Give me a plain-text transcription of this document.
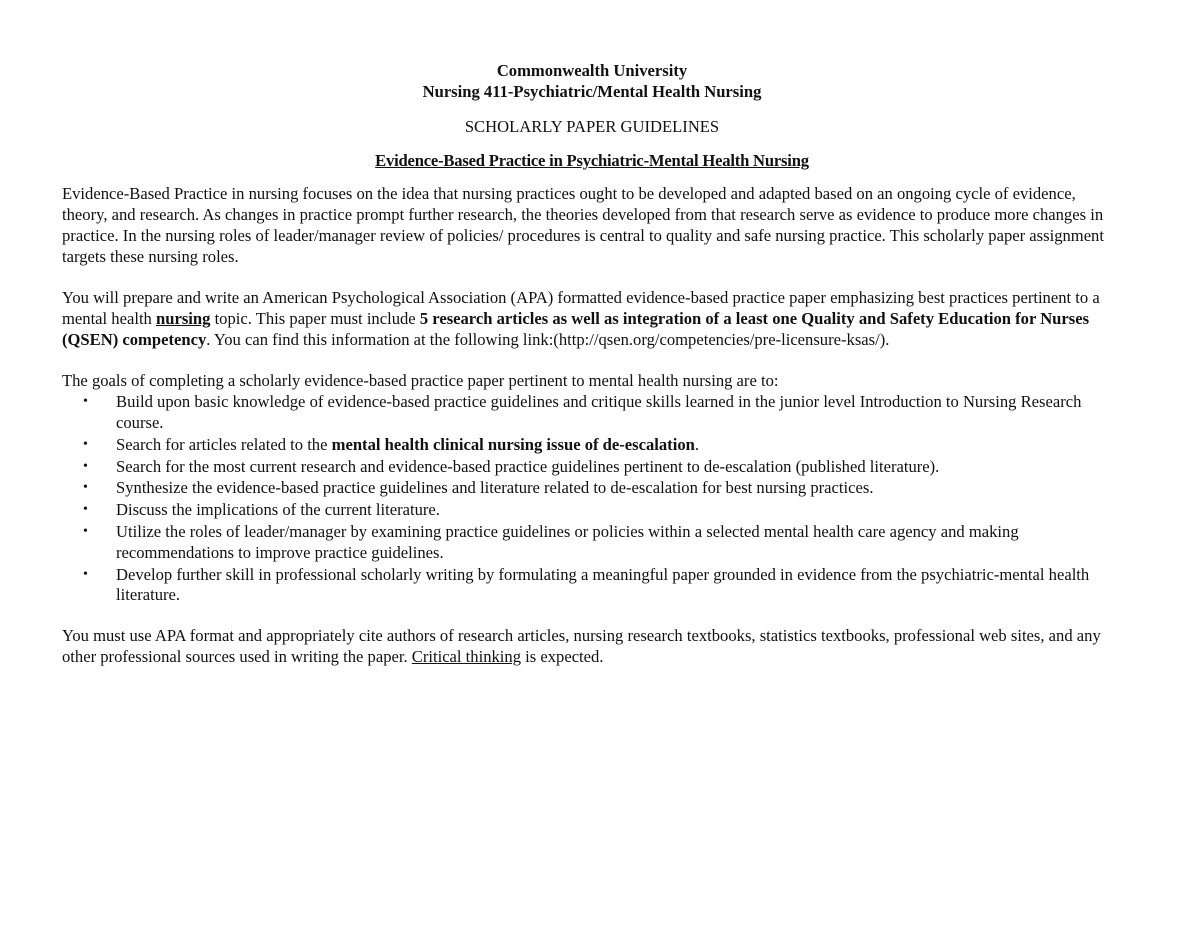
Commonwealth University

Nursing 411-Psychiatric/Mental Health Nursing

SCHOLARLY PAPER GUIDELINES

Evidence-Based Practice in Psychiatric-Mental Health Nursing

Evidence-Based Practice in nursing focuses on the idea that nursing practices ought to be developed and adapted based on an ongoing cycle of evidence, theory, and research. As changes in practice prompt further research, the theories developed from that research serve as evidence to produce more changes in practice. In the nursing roles of leader/manager review of policies/ procedures is central to quality and safe nursing practice. This scholarly paper assignment targets these nursing roles.

You will prepare and write an American Psychological Association (APA) formatted evidence-based practice paper emphasizing best practices pertinent to a mental health nursing topic. This paper must include 5 research articles as well as integration of a least one Quality and Safety Education for Nurses (QSEN) competency. You can find this information at the following link:(http://qsen.org/competencies/pre-licensure-ksas/).

The goals of completing a scholarly evidence-based practice paper pertinent to mental health nursing are to:

• Build upon basic knowledge of evidence-based practice guidelines and critique skills learned in the junior level Introduction to Nursing Research course.
• Search for articles related to the mental health clinical nursing issue of de-escalation.
• Search for the most current research and evidence-based practice guidelines pertinent to de-escalation (published literature).
• Synthesize the evidence-based practice guidelines and literature related to de-escalation for best nursing practices.
• Discuss the implications of the current literature.
• Utilize the roles of leader/manager by examining practice guidelines or policies within a selected mental health care agency and making recommendations to improve practice guidelines.
• Develop further skill in professional scholarly writing by formulating a meaningful paper grounded in evidence from the psychiatric-mental health literature.

You must use APA format and appropriately cite authors of research articles, nursing research textbooks, statistics textbooks, professional web sites, and any other professional sources used in writing the paper. Critical thinking is expected.
